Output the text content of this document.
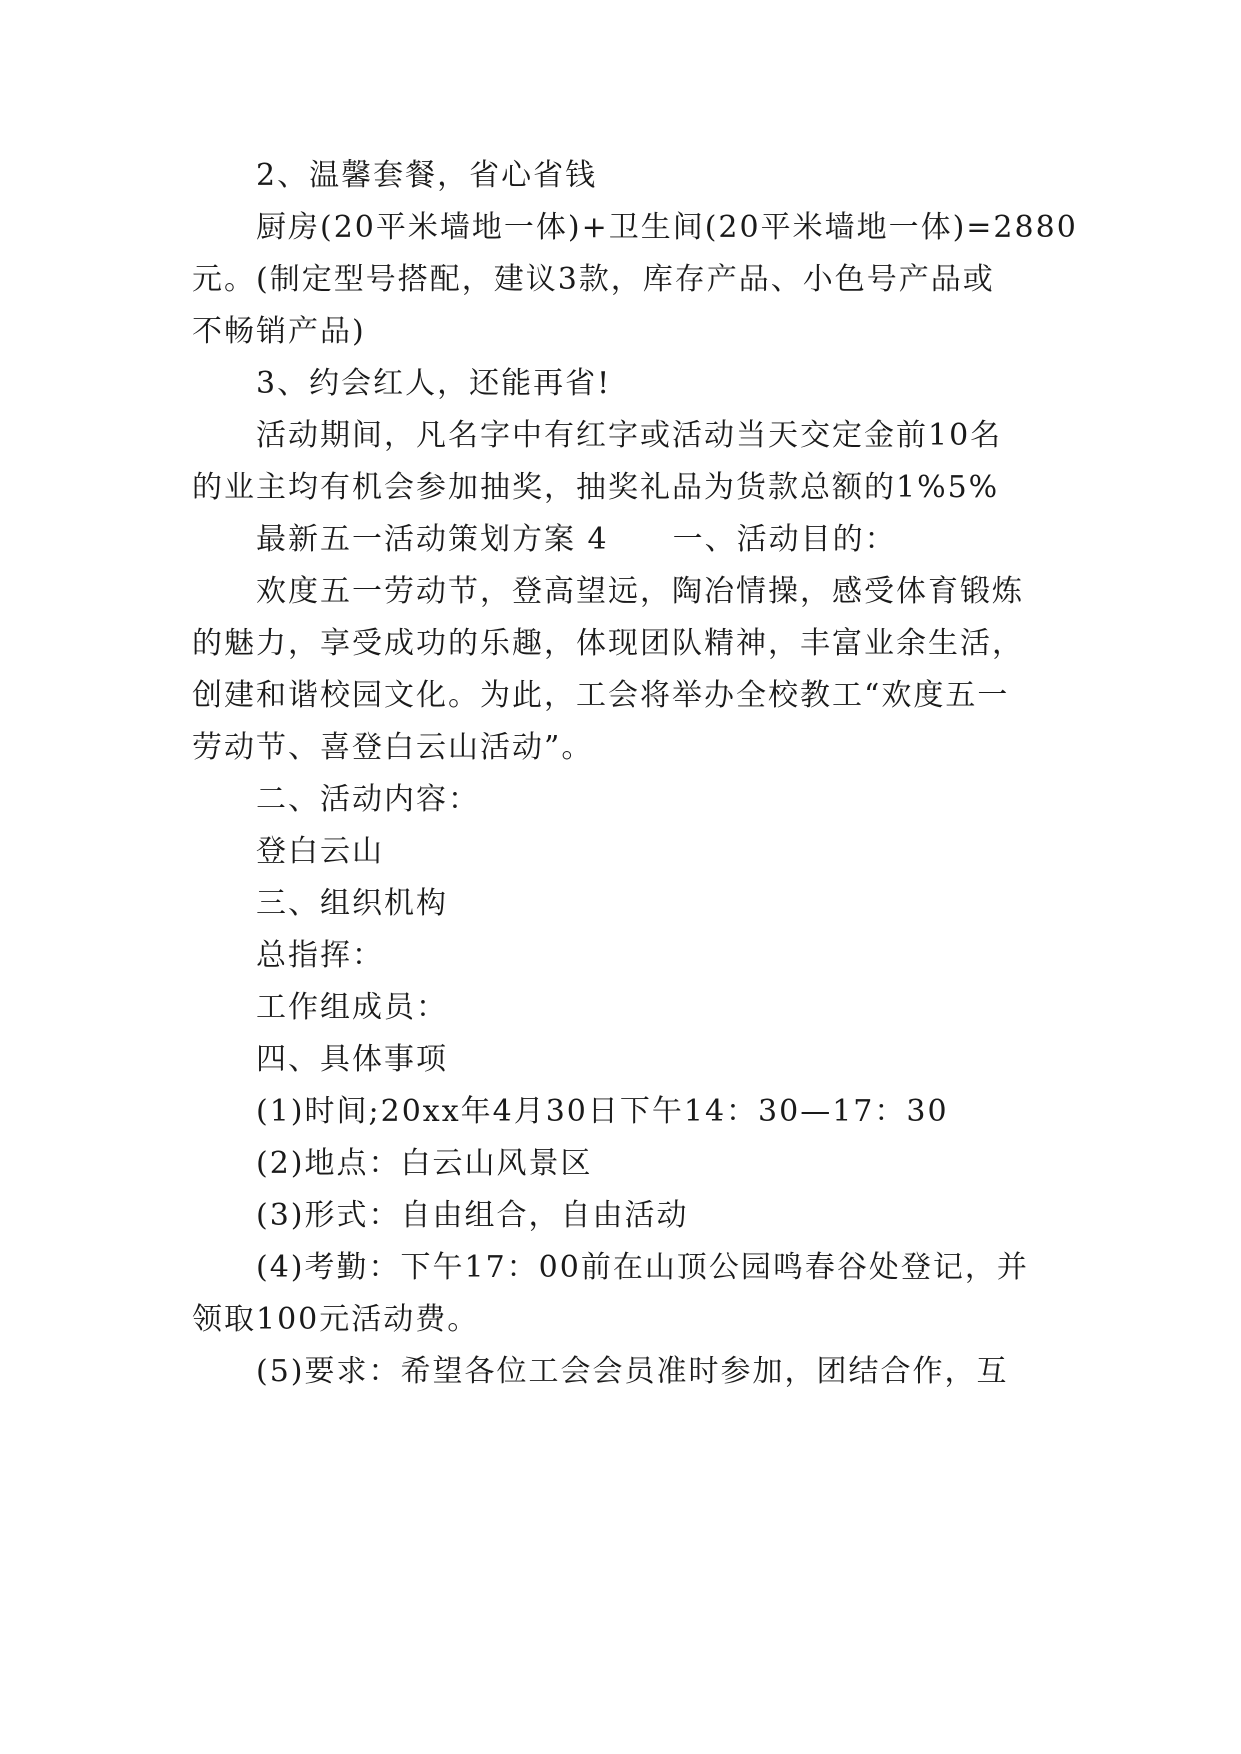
2、温馨套餐，省心省钱
厨房(20平米墙地一体)+卫生间(20平米墙地一体)=2880
元。(制定型号搭配，建议3款，库存产品、小色号产品或
不畅销产品)
3、约会红人，还能再省!
活动期间，凡名字中有红字或活动当天交定金前10名
的业主均有机会参加抽奖，抽奖礼品为货款总额的1%5%
最新五一活动策划方案 4　　一、活动目的：
欢度五一劳动节，登高望远，陶冶情操，感受体育锻炼
的魅力，享受成功的乐趣，体现团队精神，丰富业余生活，
创建和谐校园文化。为此，工会将举办全校教工“欢度五一
劳动节、喜登白云山活动”。
二、活动内容：
登白云山
三、组织机构
总指挥：
工作组成员：
四、具体事项
(1)时间;20xx年4月30日下午14：30—17：30
(2)地点：白云山风景区
(3)形式：自由组合，自由活动
(4)考勤：下午17：00前在山顶公园鸣春谷处登记，并
领取100元活动费。
(5)要求：希望各位工会会员准时参加，团结合作，互
